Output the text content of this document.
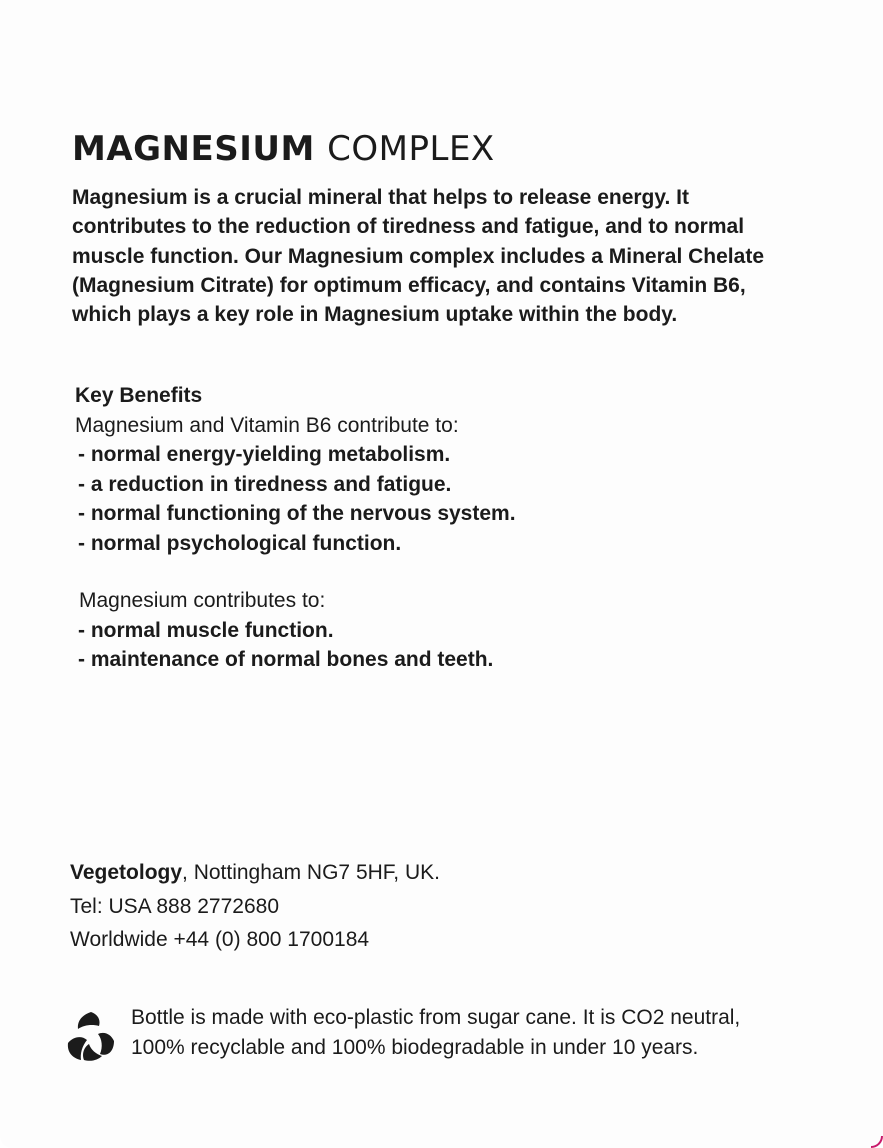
MAGNESIUM COMPLEX

Magnesium is a crucial mineral that helps to release energy. It
contributes to the reduction of tiredness and fatigue, and to normal
muscle function. Our Magnesium complex includes a Mineral Chelate
(Magnesium Citrate) for optimum efficacy, and contains Vitamin B6,
which plays a key role in Magnesium uptake within the body.

Key Benefits
Magnesium and Vitamin B6 contribute to:
- normal energy-yielding metabolism.
- a reduction in tiredness and fatigue.
- normal functioning of the nervous system.
- normal psychological function.
Magnesium contributes to:
- normal muscle function.
- maintenance of normal bones and teeth.
Vegetology, Nottingham NG7 5HF, UK.
Tel: USA 888 2772680
Worldwide +44 (0) 800 1700184
Bottle is made with eco-plastic from sugar cane. It is CO2 neutral,
100% recyclable and 100% biodegradable in under 10 years.
